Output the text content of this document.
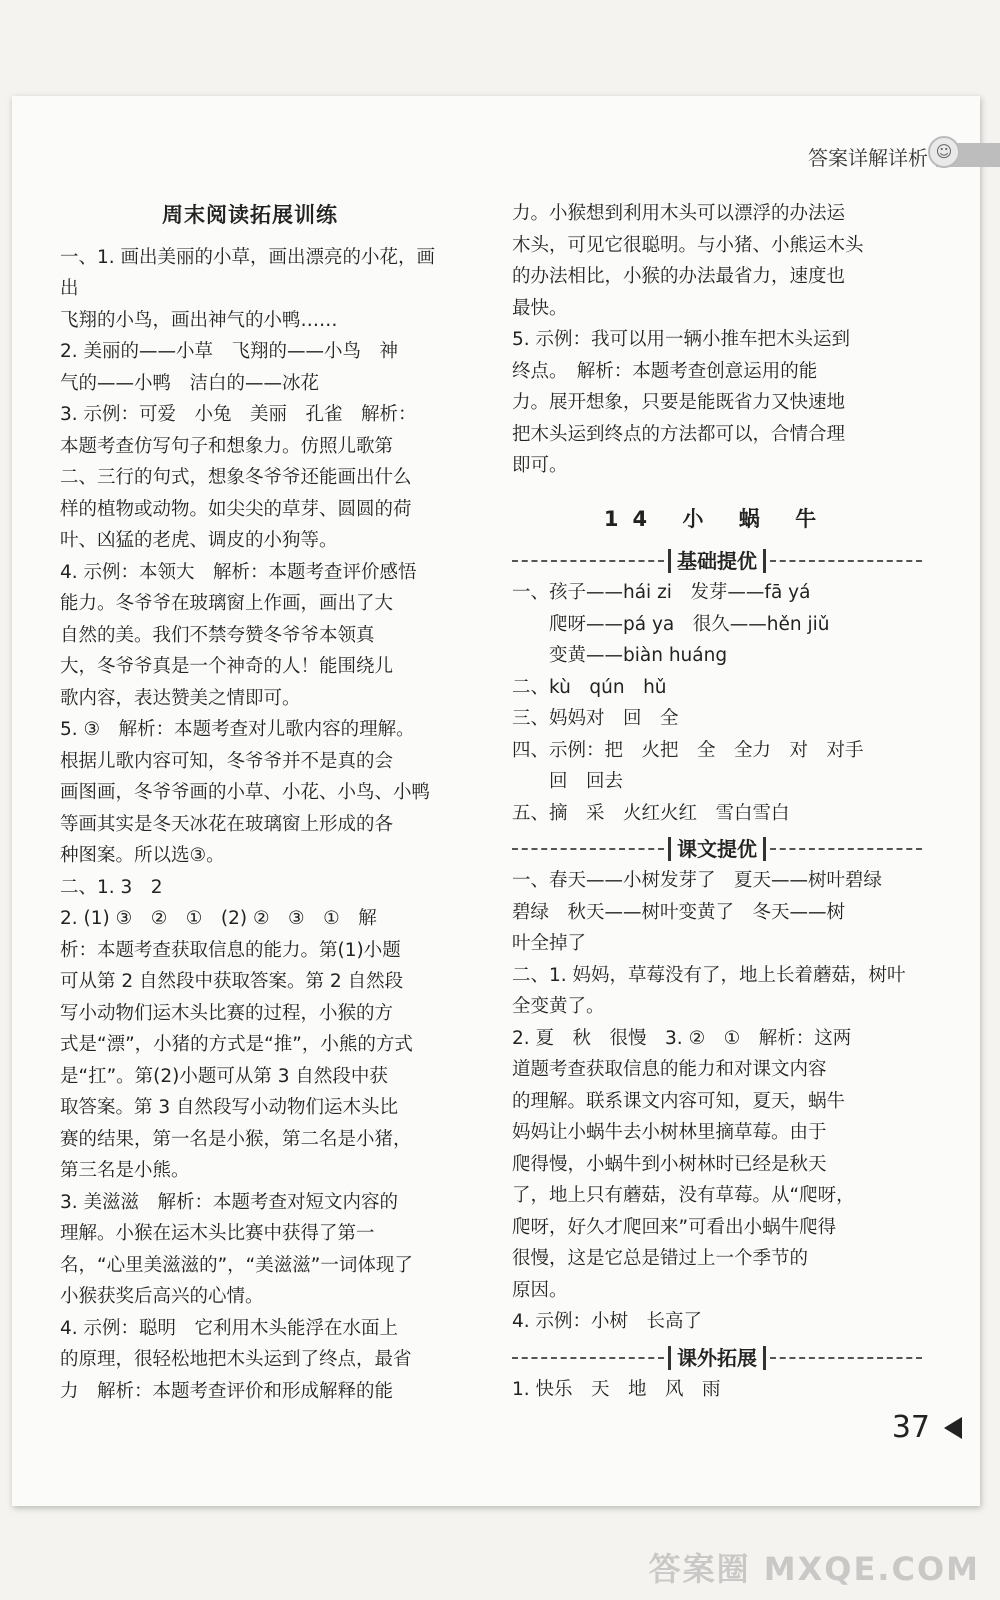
答案详解详析 ☺
周末阅读拓展训练

一、1. 画出美丽的小草，画出漂亮的小花，画出

飞翔的小鸟，画出神气的小鸭……

2. 美丽的——小草　飞翔的——小鸟　神

气的——小鸭　洁白的——冰花

3. 示例：可爱　小兔　美丽　孔雀　解析：

本题考查仿写句子和想象力。仿照儿歌第

二、三行的句式，想象冬爷爷还能画出什么

样的植物或动物。如尖尖的草芽、圆圆的荷

叶、凶猛的老虎、调皮的小狗等。

4. 示例：本领大　解析：本题考查评价感悟

能力。冬爷爷在玻璃窗上作画，画出了大

自然的美。我们不禁夸赞冬爷爷本领真

大，冬爷爷真是一个神奇的人！能围绕儿

歌内容，表达赞美之情即可。

5. ③　解析：本题考查对儿歌内容的理解。

根据儿歌内容可知，冬爷爷并不是真的会

画图画，冬爷爷画的小草、小花、小鸟、小鸭

等画其实是冬天冰花在玻璃窗上形成的各

种图案。所以选③。

二、1. 3　2

2. (1) ③　②　①　(2) ②　③　①　解

析：本题考查获取信息的能力。第(1)小题

可从第 2 自然段中获取答案。第 2 自然段

写小动物们运木头比赛的过程，小猴的方

式是“漂”，小猪的方式是“推”，小熊的方式

是“扛”。第(2)小题可从第 3 自然段中获

取答案。第 3 自然段写小动物们运木头比

赛的结果，第一名是小猴，第二名是小猪，

第三名是小熊。

3. 美滋滋　解析：本题考查对短文内容的

理解。小猴在运木头比赛中获得了第一

名，“心里美滋滋的”，“美滋滋”一词体现了

小猴获奖后高兴的心情。

4. 示例：聪明　它利用木头能浮在水面上

的原理，很轻松地把木头运到了终点，最省

力　解析：本题考查评价和形成解释的能

力。小猴想到利用木头可以漂浮的办法运

木头，可见它很聪明。与小猪、小熊运木头

的办法相比，小猴的办法最省力，速度也

最快。

5. 示例：我可以用一辆小推车把木头运到

终点。　解析：本题考查创意运用的能

力。展开想象，只要是能既省力又快速地

把木头运到终点的方法都可以，合情合理

即可。

14 小 蜗 牛
基础提优

一、孩子——hái zi　发芽——fā yá

　　爬呀——pá ya　很久——hěn jiǔ

　　变黄——biàn huáng

二、kù　qún　hǔ

三、妈妈对　回　全

四、示例：把　火把　全　全力　对　对手

　　回　回去

五、摘　采　火红火红　雪白雪白

课文提优

一、春天——小树发芽了　夏天——树叶碧绿

碧绿　秋天——树叶变黄了　冬天——树

叶全掉了

二、1. 妈妈，草莓没有了，地上长着蘑菇，树叶

全变黄了。

2. 夏　秋　很慢　3. ②　①　解析：这两

道题考查获取信息的能力和对课文内容

的理解。联系课文内容可知，夏天，蜗牛

妈妈让小蜗牛去小树林里摘草莓。由于

爬得慢，小蜗牛到小树林时已经是秋天

了，地上只有蘑菇，没有草莓。从“爬呀，

爬呀，好久才爬回来”可看出小蜗牛爬得

很慢，这是它总是错过上一个季节的

原因。

4. 示例：小树　长高了

课外拓展

1. 快乐　天　地　风　雨

37
答案圈 MXQE.COM
